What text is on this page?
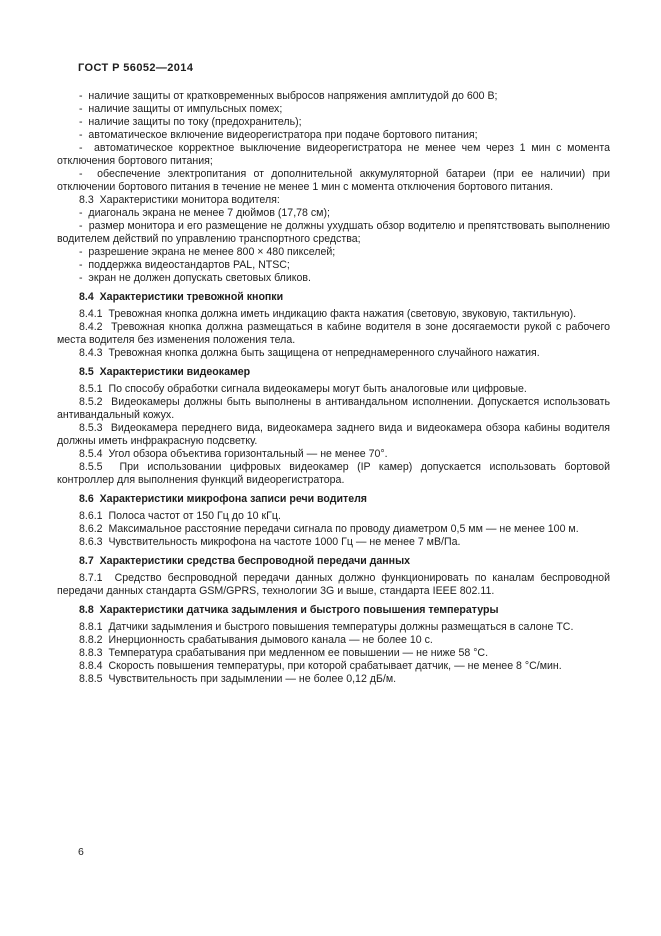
ГОСТ Р 56052—2014

-  наличие защиты от кратковременных выбросов напряжения амплитудой до 600 В;

-  наличие защиты от импульсных помех;

-  наличие защиты по току (предохранитель);

-  автоматическое включение видеорегистратора при подаче бортового питания;

-  автоматическое корректное выключение видеорегистратора не менее чем через 1 мин с момента отключения бортового питания;

-  обеспечение электропитания от дополнительной аккумуляторной батареи (при ее наличии) при отключении бортового питания в течение не менее 1 мин с момента отключения бортового питания.

8.3  Характеристики монитора водителя:

-  диагональ экрана не менее 7 дюймов (17,78 см);

-  размер монитора и его размещение не должны ухудшать обзор водителю и препятствовать выполнению водителем действий по управлению транспортного средства;

-  разрешение экрана не менее 800 × 480 пикселей;

-  поддержка видеостандартов PAL, NTSC;

-  экран не должен допускать световых бликов.

8.4  Характеристики тревожной кнопки

8.4.1  Тревожная кнопка должна иметь индикацию факта нажатия (световую, звуковую, тактильную).

8.4.2  Тревожная кнопка должна размещаться в кабине водителя в зоне досягаемости рукой с рабочего места водителя без изменения положения тела.

8.4.3  Тревожная кнопка должна быть защищена от непреднамеренного случайного нажатия.

8.5  Характеристики видеокамер

8.5.1  По способу обработки сигнала видеокамеры могут быть аналоговые или цифровые.

8.5.2  Видеокамеры должны быть выполнены в антивандальном исполнении. Допускается использовать антивандальный кожух.

8.5.3  Видеокамера переднего вида, видеокамера заднего вида и видеокамера обзора кабины водителя должны иметь инфракрасную подсветку.

8.5.4  Угол обзора объектива горизонтальный — не менее 70°.

8.5.5  При использовании цифровых видеокамер (IP камер) допускается использовать бортовой контроллер для выполнения функций видеорегистратора.

8.6  Характеристики микрофона записи речи водителя

8.6.1  Полоса частот от 150 Гц до 10 кГц.

8.6.2  Максимальное расстояние передачи сигнала по проводу диаметром 0,5 мм — не менее 100 м.

8.6.3  Чувствительность микрофона на частоте 1000 Гц — не менее 7 мВ/Па.

8.7  Характеристики средства беспроводной передачи данных

8.7.1  Средство беспроводной передачи данных должно функционировать по каналам беспроводной передачи данных стандарта GSM/GPRS, технологии 3G и выше, стандарта IEEE 802.11.

8.8  Характеристики датчика задымления и быстрого повышения температуры

8.8.1  Датчики задымления и быстрого повышения температуры должны размещаться в салоне ТС.

8.8.2  Инерционность срабатывания дымового канала — не более 10 с.

8.8.3  Температура срабатывания при медленном ее повышении — не ниже 58 °С.

8.8.4  Скорость повышения температуры, при которой срабатывает датчик, — не менее 8 °С/мин.

8.8.5  Чувствительность при задымлении — не более 0,12 дБ/м.

6
